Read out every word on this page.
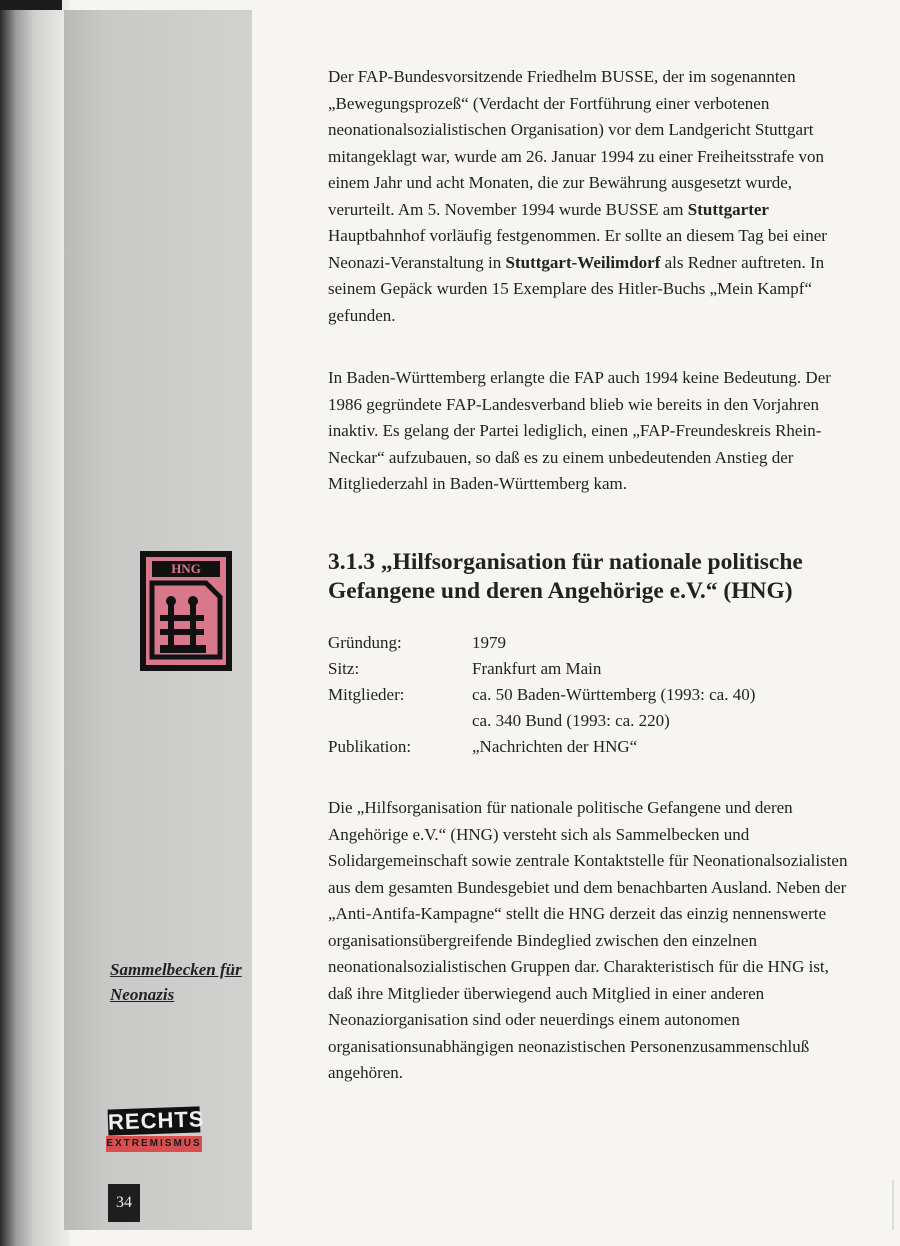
Der FAP-Bundesvorsitzende Friedhelm BUSSE, der im sogenannten „Bewegungsprozeß“ (Verdacht der Fortführung einer verbotenen neonationalsozialistischen Organisation) vor dem Landgericht Stuttgart mitangeklagt war, wurde am 26. Januar 1994 zu einer Freiheitsstrafe von einem Jahr und acht Monaten, die zur Bewährung ausgesetzt wurde, verurteilt. Am 5. November 1994 wurde BUSSE am Stuttgarter Hauptbahnhof vorläufig festgenommen. Er sollte an diesem Tag bei einer Neonazi-Veranstaltung in Stuttgart-Weilimdorf als Redner auftreten. In seinem Gepäck wurden 15 Exemplare des Hitler-Buchs „Mein Kampf“ gefunden.
In Baden-Württemberg erlangte die FAP auch 1994 keine Bedeutung. Der 1986 gegründete FAP-Landesverband blieb wie bereits in den Vorjahren inaktiv. Es gelang der Partei lediglich, einen „FAP-Freundeskreis Rhein-Neckar“ aufzubauen, so daß es zu einem unbedeutenden Anstieg der Mitgliederzahl in Baden-Württemberg kam.
3.1.3 „Hilfsorganisation für nationale politische
Gefangene und deren Angehörige e.V.“ (HNG)
Gründung:	1979
Sitz:	Frankfurt am Main
Mitglieder:	ca. 50 Baden-Württemberg (1993: ca. 40)
ca. 340 Bund (1993: ca. 220)
Publikation:	„Nachrichten der HNG“
Die „Hilfsorganisation für nationale politische Gefangene und deren Angehörige e.V.“ (HNG) versteht sich als Sammelbecken und Solidargemeinschaft sowie zentrale Kontaktstelle für Neonationalsozialisten aus dem gesamten Bundesgebiet und dem benachbarten Ausland. Neben der „Anti-Antifa-Kampagne“ stellt die HNG derzeit das einzig nennenswerte organisationsübergreifende Bindeglied zwischen den einzelnen neonationalsozialistischen Gruppen dar. Charakteristisch für die HNG ist, daß ihre Mitglieder überwiegend auch Mitglied in einer anderen Neonaziorganisation sind oder neuerdings einem autonomen organisationsunabhängigen neonazistischen Personenzusammenschluß angehören.
Sammelbecken für
Neonazis
HNG
RECHTS
EXTREMISMUS
34
